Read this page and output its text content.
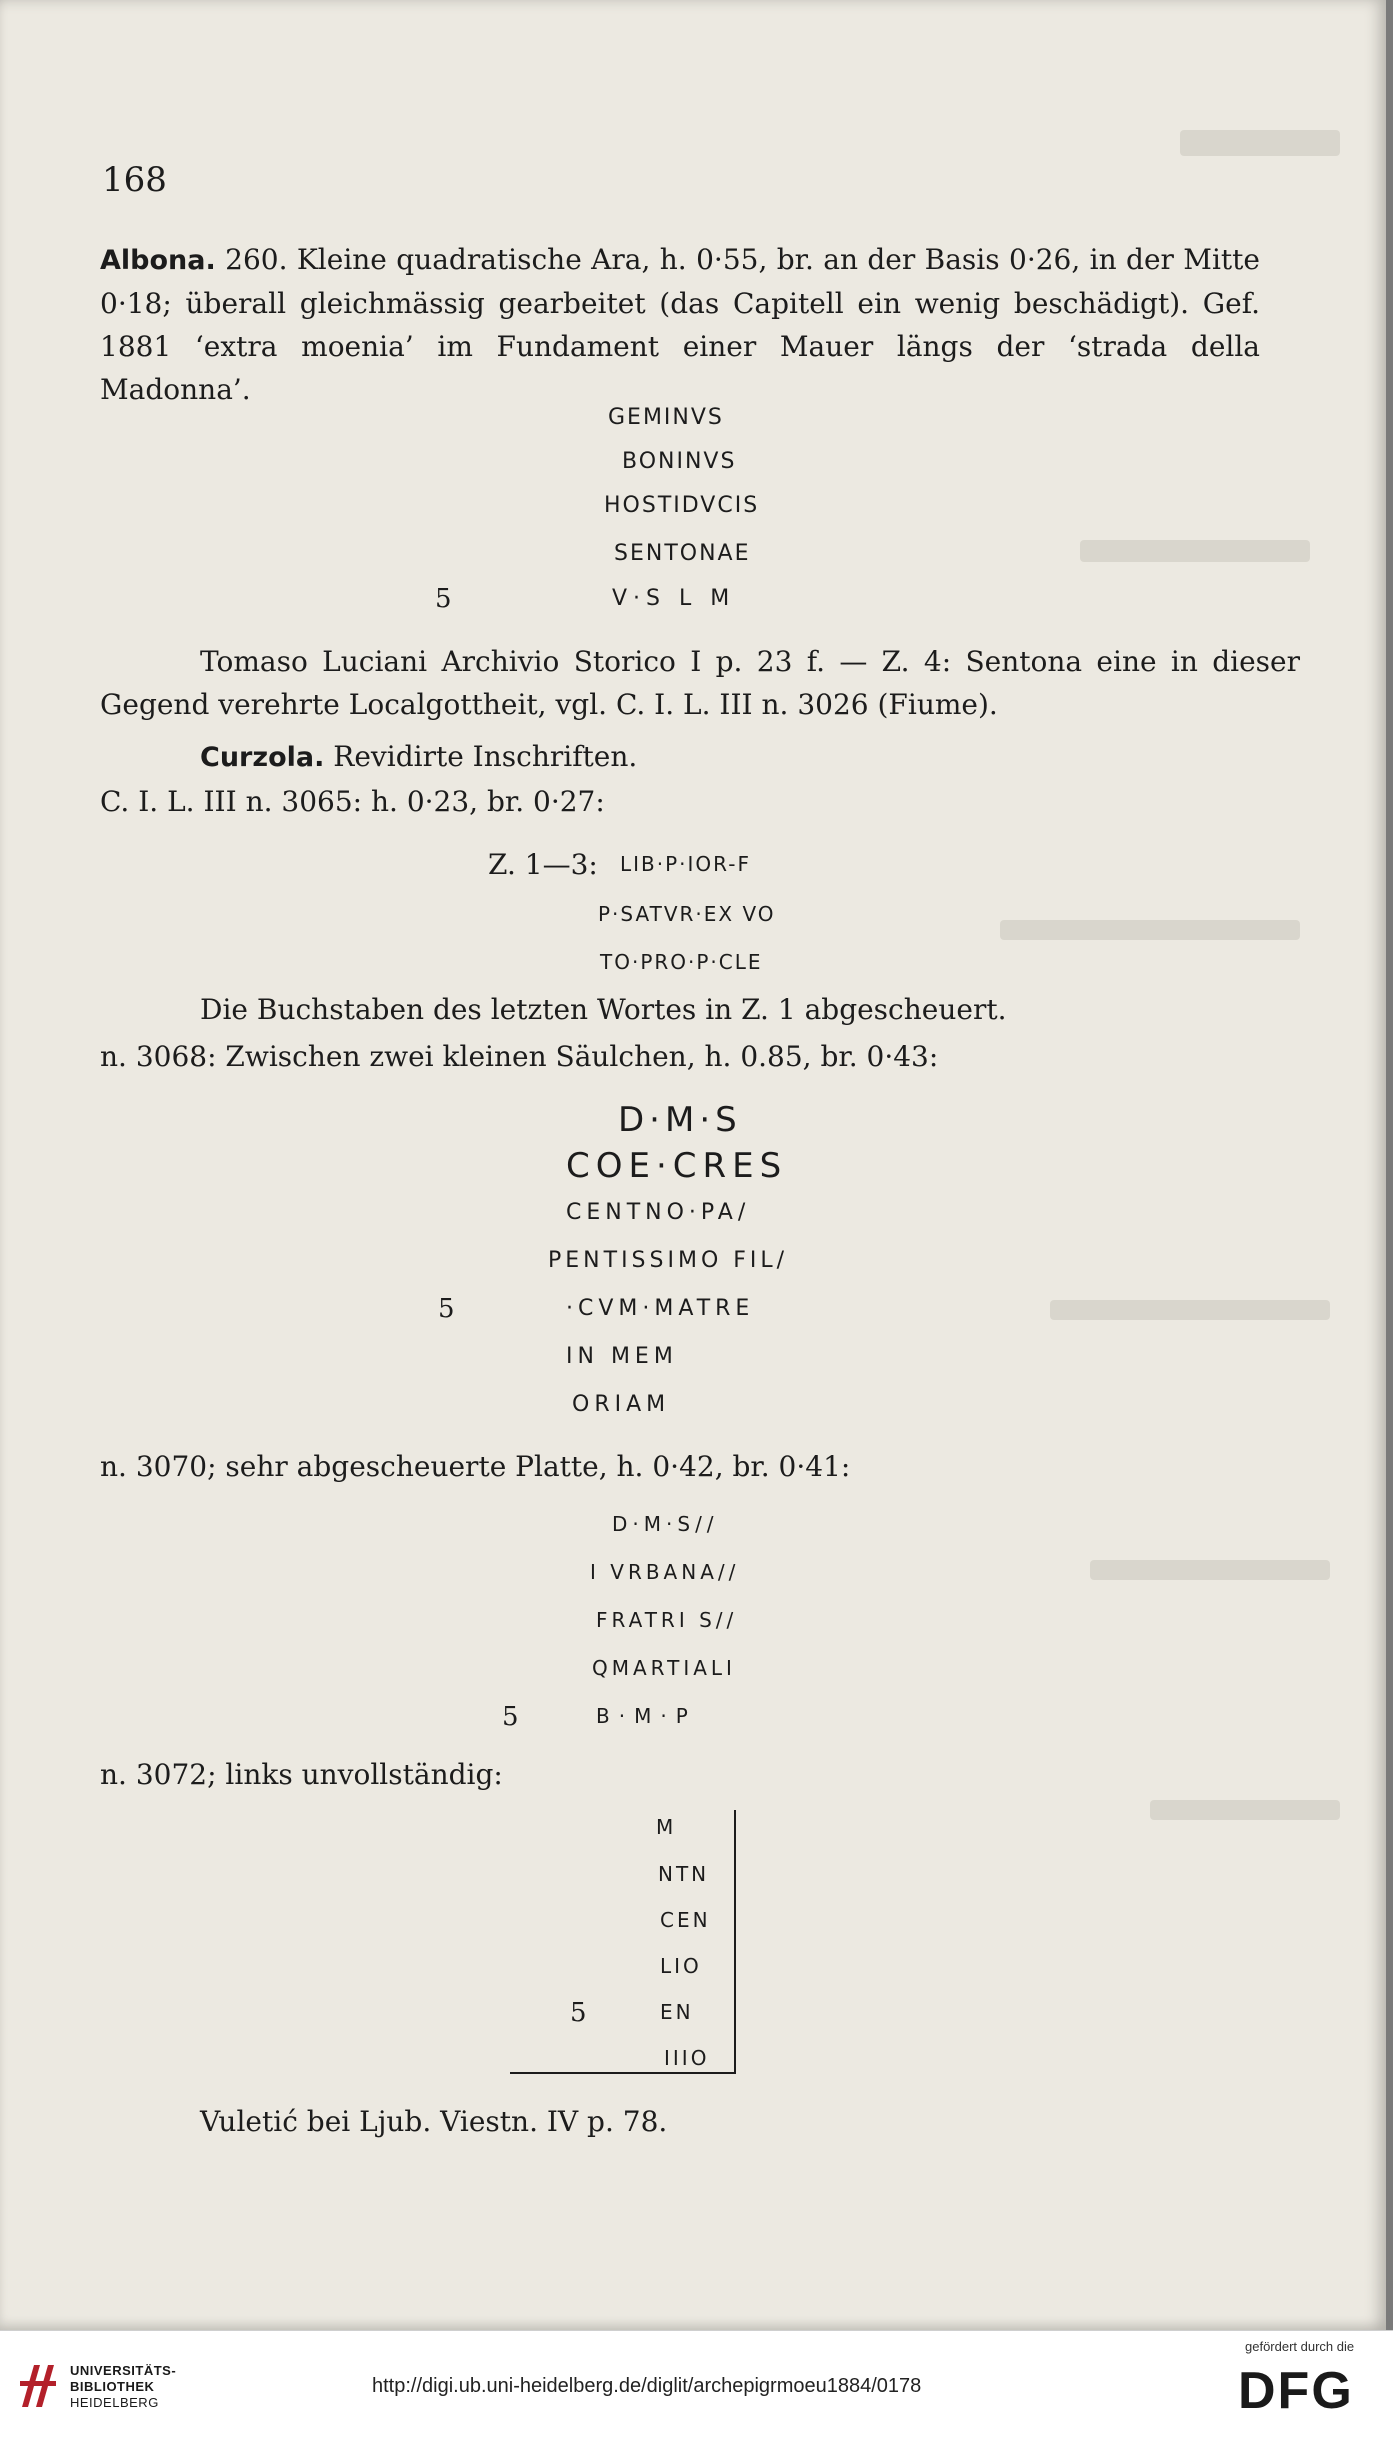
168
Albona. 260. Kleine quadratische Ara, h. 0·55, br. an der Basis 0·26, in der Mitte 0·18; überall gleichmässig gearbeitet (das Capitell ein wenig beschädigt). Gef. 1881 ‘extra moenia’ im Fundament einer Mauer längs der ‘strada della Madonna’.
GEMINVS
BONINVS
HOSTIDVCIS
SENTONAE
5	V·S L M
Tomaso Luciani Archivio Storico I p. 23 f. — Z. 4: Sentona eine in dieser Gegend verehrte Localgottheit, vgl. C. I. L. III n. 3026 (Fiume).
Curzola. Revidirte Inschriften.
C. I. L. III n. 3065: h. 0·23, br. 0·27:
Z. 1—3: LIB·P·IOR-F
P·SATVR·EX VO
TO·PRO·P·CLE
Die Buchstaben des letzten Wortes in Z. 1 abgescheuert.
n. 3068: Zwischen zwei kleinen Säulchen, h. 0.85, br. 0·43:
D·M·S
COE·CRES
CENTNO·PA/
PENTISSIMO FIL/
5	·CVM·MATRE
IN MEM
ORIAM
n. 3070; sehr abgescheuerte Platte, h. 0·42, br. 0·41:
D·M·S//
I VRBANA//
FRATRI S//
QMARTIALI
5	B·M·P
n. 3072; links unvollständig:
M
NTN
CEN
LIO
5	EN
IIIO
Vuletić bei Ljub. Viestn. IV p. 78.
UNIVERSITÄTS-
BIBLIOTHEK
HEIDELBERG
http://digi.ub.uni-heidelberg.de/diglit/archepigrmoeu1884/0178
gefördert durch die
DFG
